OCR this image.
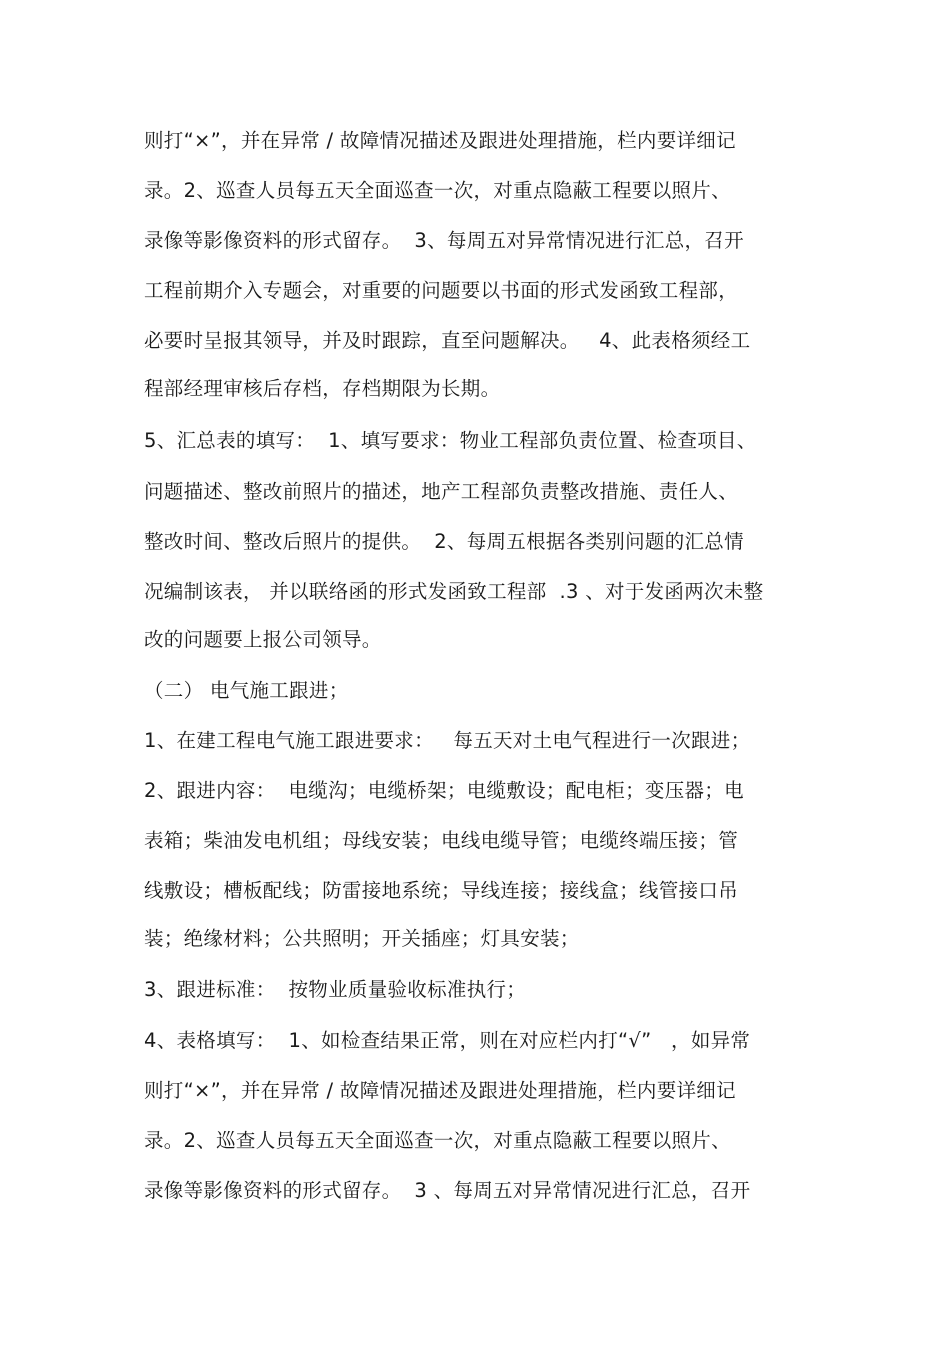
则打“×”，并在异常 / 故障情况描述及跟进处理措施，栏内要详细记
录。2、巡查人员每五天全面巡查一次，对重点隐蔽工程要以照片、
录像等影像资料的形式留存。  3、每周五对异常情况进行汇总，召开
工程前期介入专题会，对重要的问题要以书面的形式发函致工程部，
必要时呈报其领导，并及时跟踪，直至问题解决。   4、此表格须经工
程部经理审核后存档，存档期限为长期。
5、汇总表的填写：  1、填写要求：物业工程部负责位置、检查项目、
问题描述、整改前照片的描述，地产工程部负责整改措施、责任人、
整改时间、整改后照片的提供。  2、每周五根据各类别问题的汇总情
况编制该表， 并以联络函的形式发函致工程部  .3 、对于发函两次未整
改的问题要上报公司领导。
（二） 电气施工跟进；
1、在建工程电气施工跟进要求：   每五天对土电气程进行一次跟进；
2、跟进内容：  电缆沟；电缆桥架；电缆敷设；配电柜；变压器；电
表箱；柴油发电机组；母线安装；电线电缆导管；电缆终端压接；管
线敷设；槽板配线；防雷接地系统；导线连接；接线盒；线管接口吊
装；绝缘材料；公共照明；开关插座；灯具安装；
3、跟进标准：  按物业质量验收标准执行；
4、表格填写：  1、如检查结果正常，则在对应栏内打“√”   ，如异常
则打“×”，并在异常 / 故障情况描述及跟进处理措施，栏内要详细记
录。2、巡查人员每五天全面巡查一次，对重点隐蔽工程要以照片、
录像等影像资料的形式留存。  3 、每周五对异常情况进行汇总，召开
